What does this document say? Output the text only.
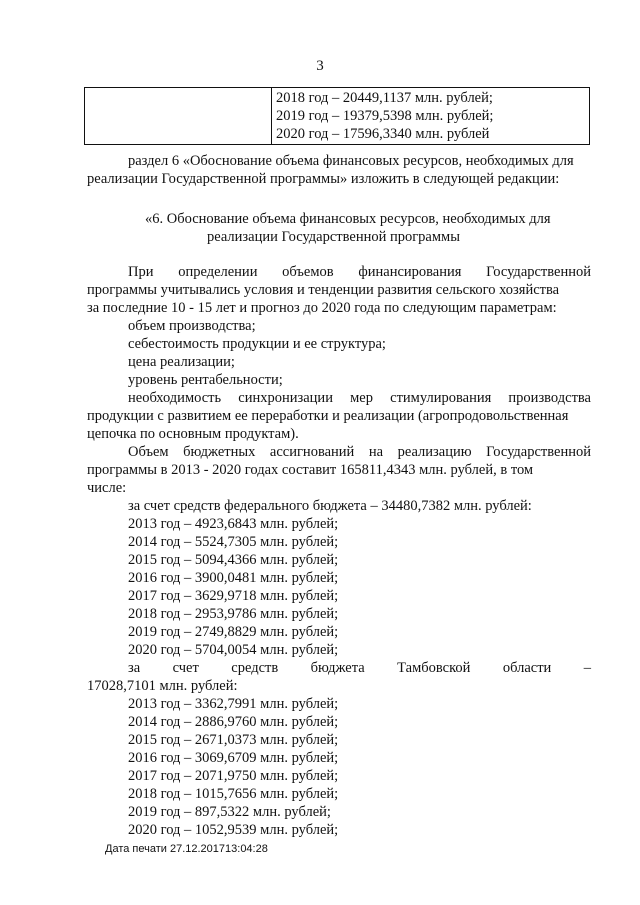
3

2018 год – 20449,1137 млн. рублей;
2019 год – 19379,5398 млн. рублей;
2020 год – 17596,3340 млн. рублей
раздел 6 «Обоснование объема финансовых ресурсов, необходимых для
реализации Государственной программы» изложить в следующей редакции:
«6. Обоснование объема финансовых ресурсов, необходимых для
реализации Государственной программы
При определении объемов финансирования Государственной
программы учитывались условия и тенденции развития сельского хозяйства
за последние 10 - 15 лет и прогноз до 2020 года по следующим параметрам:
объем производства;
себестоимость продукции и ее структура;
цена реализации;
уровень рентабельности;
необходимость синхронизации мер стимулирования производства
продукции с развитием ее переработки и реализации (агропродовольственная
цепочка по основным продуктам).
Объем бюджетных ассигнований на реализацию Государственной
программы в 2013 - 2020 годах составит 165811,4343 млн. рублей, в том
числе:
за счет средств федерального бюджета – 34480,7382 млн. рублей:
2013 год – 4923,6843 млн. рублей;
2014 год – 5524,7305 млн. рублей;
2015 год – 5094,4366 млн. рублей;
2016 год – 3900,0481 млн. рублей;
2017 год – 3629,9718 млн. рублей;
2018 год – 2953,9786 млн. рублей;
2019 год – 2749,8829 млн. рублей;
2020 год – 5704,0054 млн. рублей;
за счет средств бюджета Тамбовской области –
17028,7101 млн. рублей:
2013 год – 3362,7991 млн. рублей;
2014 год – 2886,9760 млн. рублей;
2015 год – 2671,0373 млн. рублей;
2016 год – 3069,6709 млн. рублей;
2017 год – 2071,9750 млн. рублей;
2018 год – 1015,7656 млн. рублей;
2019 год – 897,5322 млн. рублей;
2020 год – 1052,9539 млн. рублей;
Дата печати 27.12.201713:04:28
